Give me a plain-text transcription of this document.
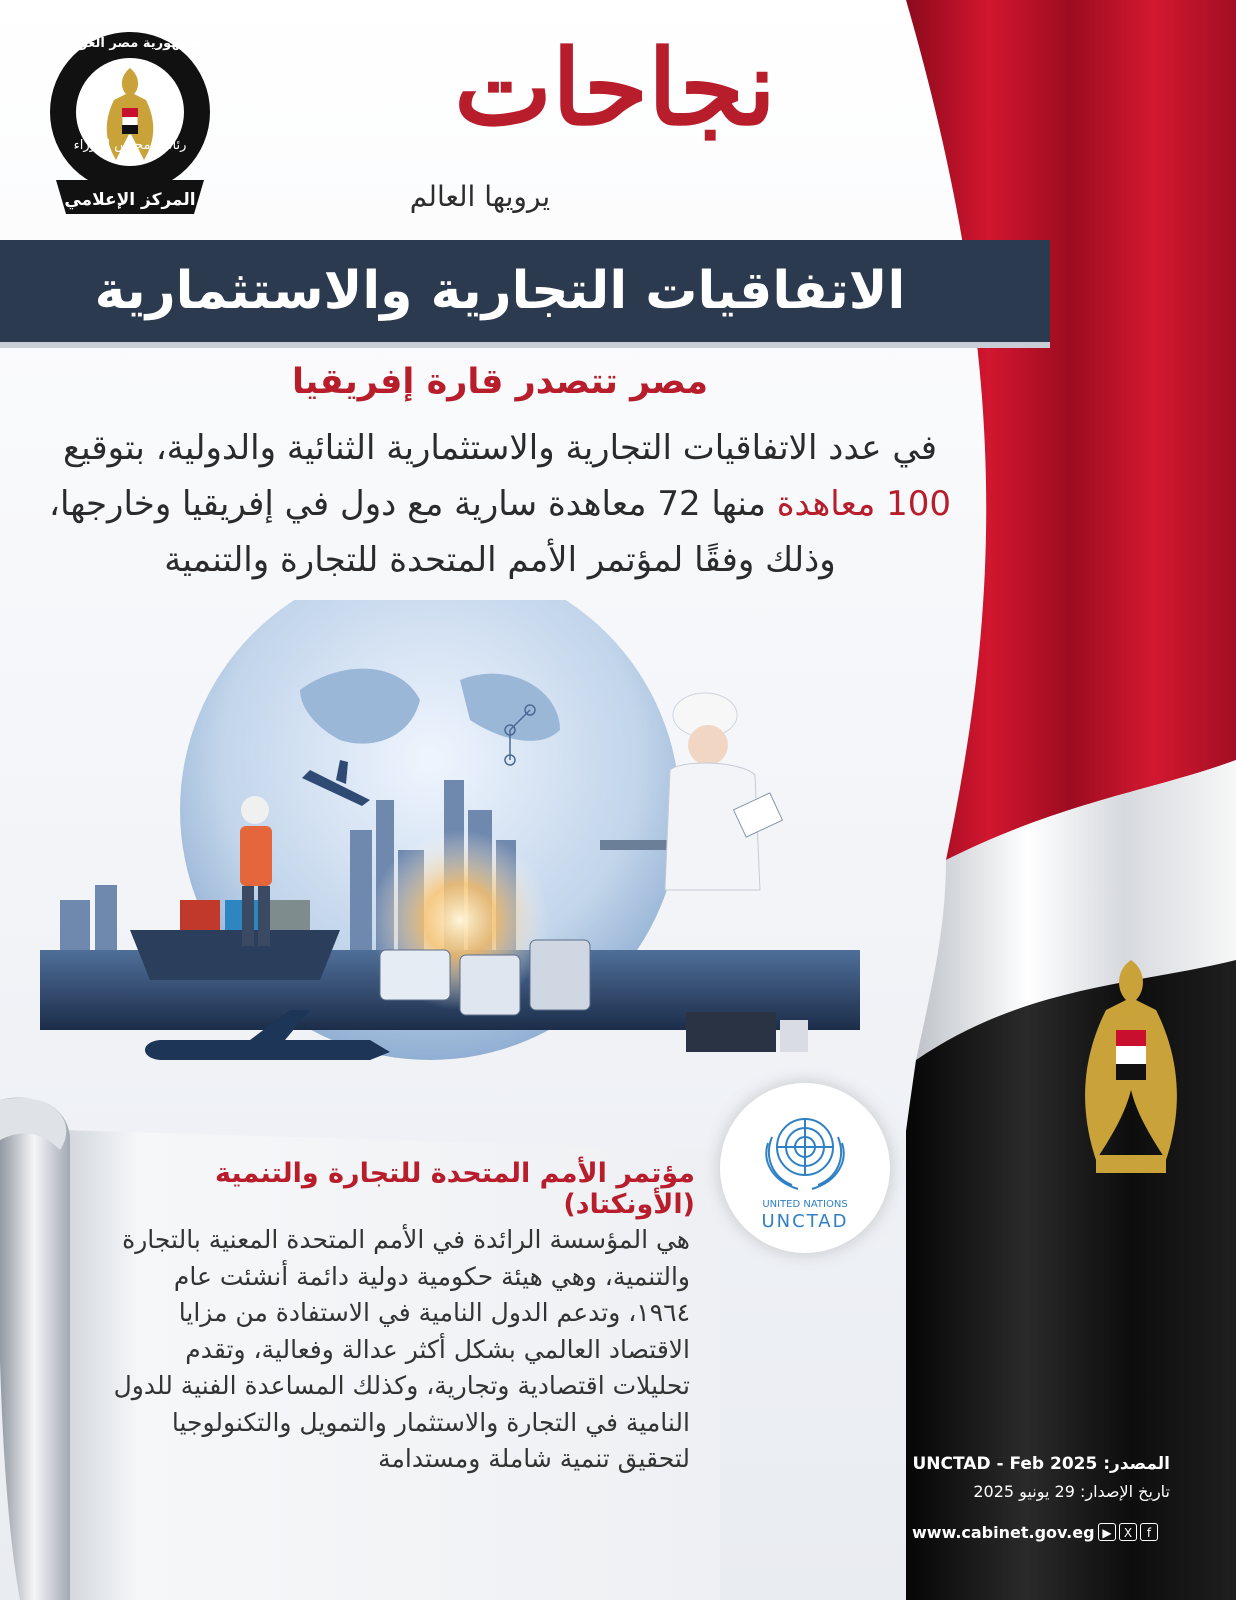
جمهورية مصر العربية
رئاسة مجلس الوزراء
المركز الإعلامي
نجاحات
يرويها العالم
الاتفاقيات التجارية والاستثمارية
مصر تتصدر قارة إفريقيا
في عدد الاتفاقيات التجارية والاستثمارية الثنائية والدولية، بتوقيع
100 معاهدة منها 72 معاهدة سارية مع دول في إفريقيا وخارجها،
وذلك وفقًا لمؤتمر الأمم المتحدة للتجارة والتنمية
مؤتمر الأمم المتحدة للتجارة والتنمية (الأونكتاد)
هي المؤسسة الرائدة في الأمم المتحدة المعنية بالتجارة والتنمية، وهي هيئة حكومية دولية دائمة أنشئت عام ١٩٦٤، وتدعم الدول النامية في الاستفادة من مزايا الاقتصاد العالمي بشكل أكثر عدالة وفعالية، وتقدم تحليلات اقتصادية وتجارية، وكذلك المساعدة الفنية للدول النامية في التجارة والاستثمار والتمويل والتكنولوجيا لتحقيق تنمية شاملة ومستدامة
UNITED NATIONS
UNCTAD
المصدر: UNCTAD - Feb 2025
تاريخ الإصدار: 29 يونيو 2025
www.cabinet.gov.eg	f
X
▶
